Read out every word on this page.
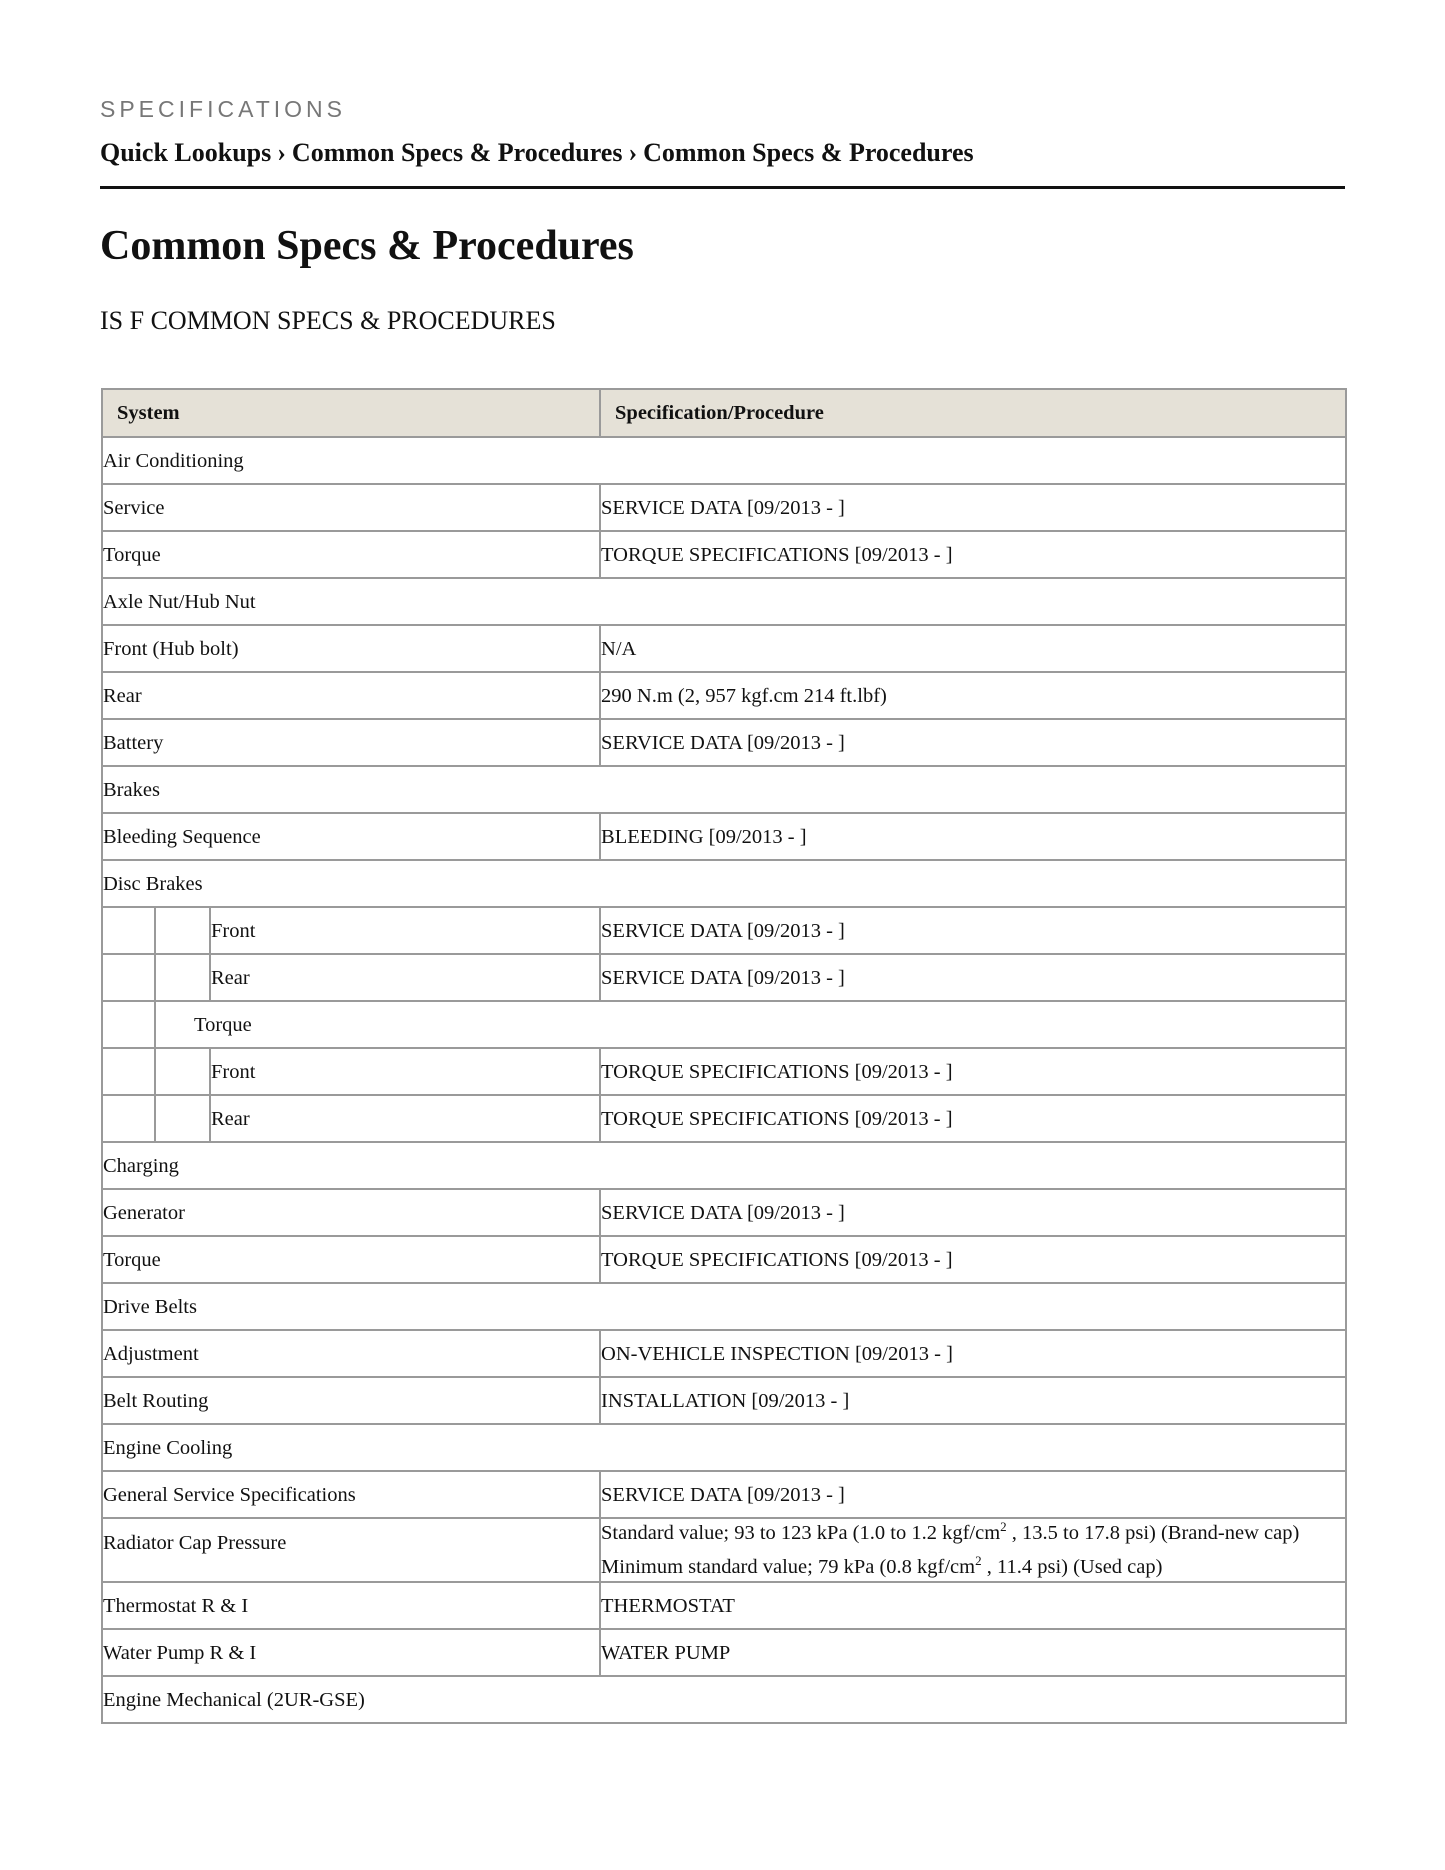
SPECIFICATIONS
Quick Lookups › Common Specs & Procedures › Common Specs & Procedures
Common Specs & Procedures
IS F COMMON SPECS & PROCEDURES
System			Specification/Procedure
Air Conditioning			
Service			SERVICE DATA [09/2013 - ]
Torque			TORQUE SPECIFICATIONS [09/2013 - ]
Axle Nut/Hub Nut			
Front (Hub bolt)			N/A
Rear			290 N.m (2, 957 kgf.cm 214 ft.lbf)
Battery			SERVICE DATA [09/2013 - ]
Brakes			
Bleeding Sequence			BLEEDING [09/2013 - ]
Disc Brakes			
		Front	SERVICE DATA [09/2013 - ]
		Rear	SERVICE DATA [09/2013 - ]
	Torque		
		Front	TORQUE SPECIFICATIONS [09/2013 - ]
		Rear	TORQUE SPECIFICATIONS [09/2013 - ]
Charging			
Generator			SERVICE DATA [09/2013 - ]
Torque			TORQUE SPECIFICATIONS [09/2013 - ]
Drive Belts			
Adjustment			ON-VEHICLE INSPECTION [09/2013 - ]
Belt Routing			INSTALLATION [09/2013 - ]
Engine Cooling			
General Service Specifications			SERVICE DATA [09/2013 - ]
Radiator Cap Pressure			Standard value; 93 to 123 kPa (1.0 to 1.2 kgf/$cm^2$ , 13.5 to 17.8 psi) (Brand-new cap)
Minimum standard value; 79 kPa (0.8 kgf/$cm^2$ , 11.4 psi) (Used cap)

Thermostat R & I			THERMOSTAT
Water Pump R & I			WATER PUMP
Engine Mechanical (2UR-GSE)			
